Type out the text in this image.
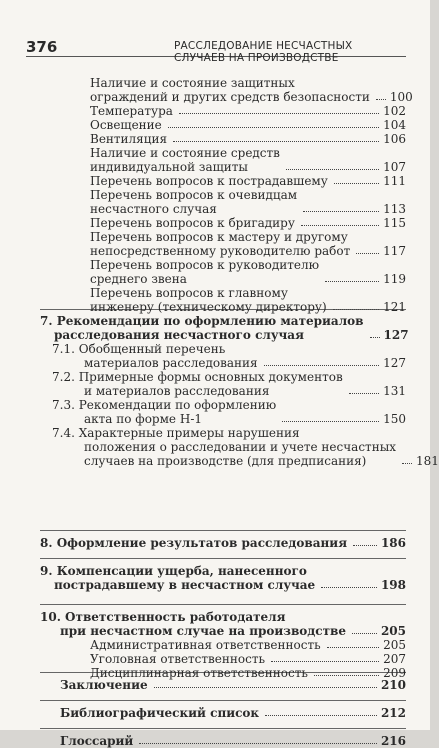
376	РАССЛЕДОВАНИЕ НЕСЧАСТНЫХ СЛУЧАЕВ НА ПРОИЗВОДСТВЕ
Наличие и состояние защитных
ограждений и других средств безопасности 100
Температура	102
Освещение	104
Вентиляция	106
Наличие и состояние средств
индивидуальной защиты	107
Перечень вопросов к пострадавшему	111
Перечень вопросов к очевидцам
несчастного случая	113
Перечень вопросов к бригадиру	115
Перечень вопросов к мастеру и другому
непосредственному руководителю работ	117
Перечень вопросов к руководителю
среднего звена	119
Перечень вопросов к главному
инженеру (техническому директору)	121
7. Рекомендации по оформлению материалов
расследования несчастного случая	127
7.1. Обобщенный перечень
материалов расследования	127
7.2. Примерные формы основных документов
и материалов расследования	131
7.3. Рекомендации по оформлению
акта по форме Н-1	150
7.4. Характерные примеры нарушения
положения о расследовании и учете несчастных
случаев на производстве (для предписания)	181
8. Оформление результатов расследования	186
9. Компенсации ущерба, нанесенного
пострадавшему в несчастном случае	198
10. Ответственность работодателя
при несчастном случае на производстве	205
Административная ответственность	205
Уголовная ответственность	207
Дисциплинарная ответственность	209
Заключение	210
Библиографический список	212
Глоссарий	216
